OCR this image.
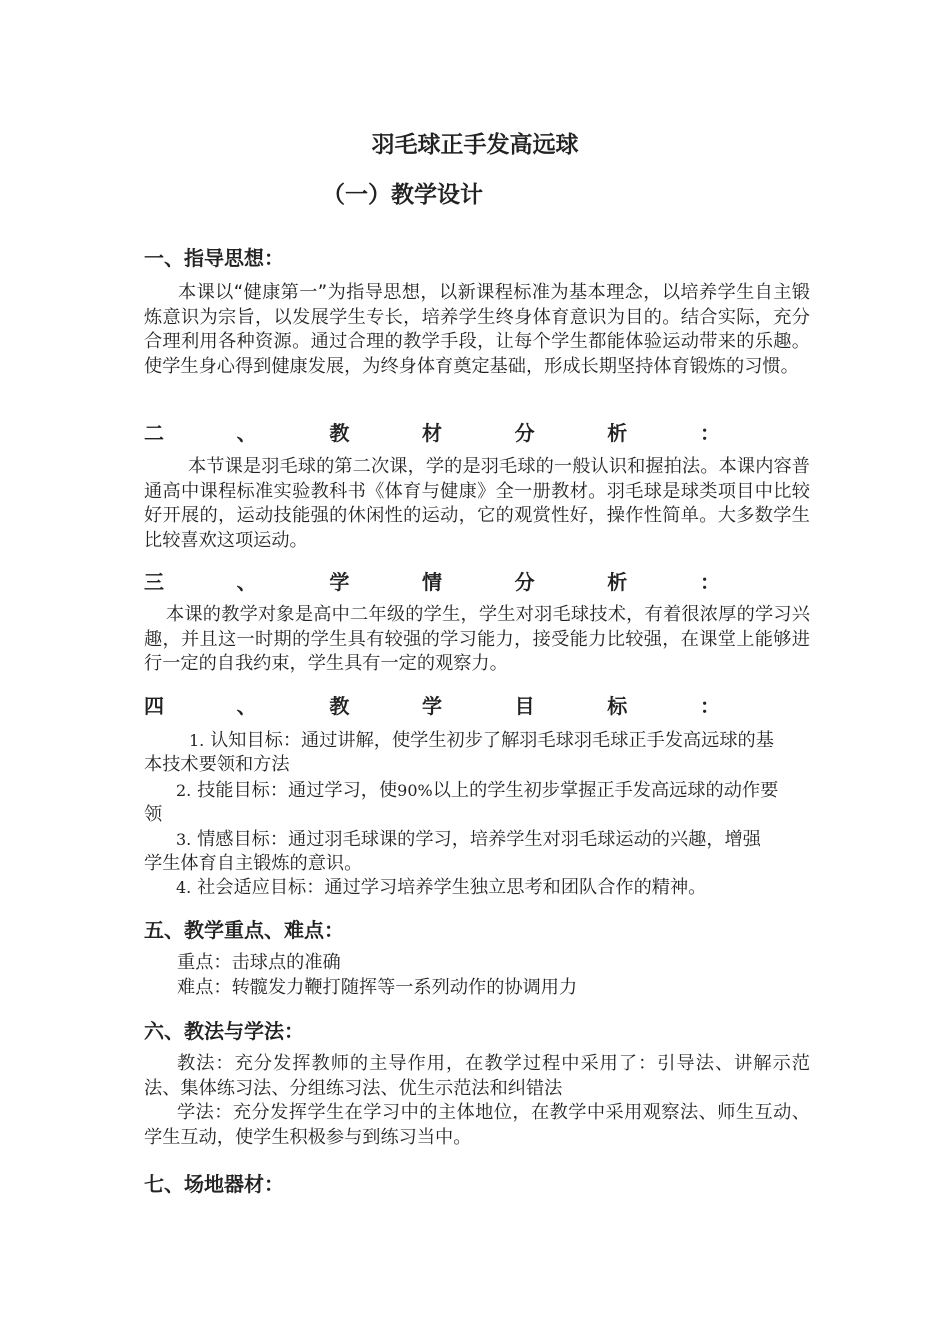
羽毛球正手发高远球
（一）教学设计
一、指导思想：
本课以“健康第一”为指导思想，以新课程标准为基本理念，以培养学生自主锻炼意识为宗旨，以发展学生专长，培养学生终身体育意识为目的。结合实际，充分合理利用各种资源。通过合理的教学手段，让每个学生都能体验运动带来的乐趣。使学生身心得到健康发展，为终身体育奠定基础，形成长期坚持体育锻炼的习惯。
二	、	教	材	分	析	：
本节课是羽毛球的第二次课，学的是羽毛球的一般认识和握拍法。本课内容普通高中课程标准实验教科书《体育与健康》全一册教材。羽毛球是球类项目中比较好开展的，运动技能强的休闲性的运动，它的观赏性好，操作性简单。大多数学生比较喜欢这项运动。
三	、	学	情	分	析	：
本课的教学对象是高中二年级的学生，学生对羽毛球技术，有着很浓厚的学习兴趣，并且这一时期的学生具有较强的学习能力，接受能力比较强，在课堂上能够进行一定的自我约束，学生具有一定的观察力。
四	、	教	学	目	标	：
1. 认知目标：通过讲解，使学生初步了解羽毛球羽毛球正手发高远球的基
本技术要领和方法
2. 技能目标：通过学习，使90%以上的学生初步掌握正手发高远球的动作要
领
3. 情感目标：通过羽毛球课的学习，培养学生对羽毛球运动的兴趣，增强
学生体育自主锻炼的意识。
4. 社会适应目标：通过学习培养学生独立思考和团队合作的精神。
五、教学重点、难点：
重点：击球点的准确
难点：转髋发力鞭打随挥等一系列动作的协调用力
六、教法与学法：
教法：充分发挥教师的主导作用，在教学过程中采用了：引导法、讲解示范法、集体练习法、分组练习法、优生示范法和纠错法
学法：充分发挥学生在学习中的主体地位，在教学中采用观察法、师生互动、学生互动，使学生积极参与到练习当中。
七、场地器材：
